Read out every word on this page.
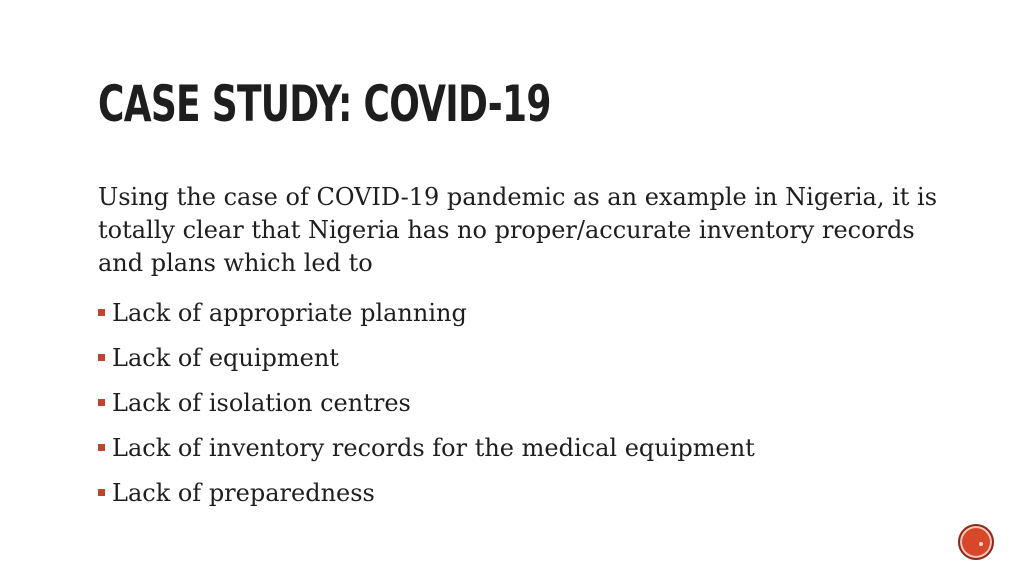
CASE STUDY: COVID-19

Using the case of COVID-19 pandemic as an example in Nigeria, it is totally clear that Nigeria has no proper/accurate inventory records and plans which led to

Lack of appropriate planning
Lack of equipment
Lack of isolation centres
Lack of inventory records for the medical equipment
Lack of preparedness
